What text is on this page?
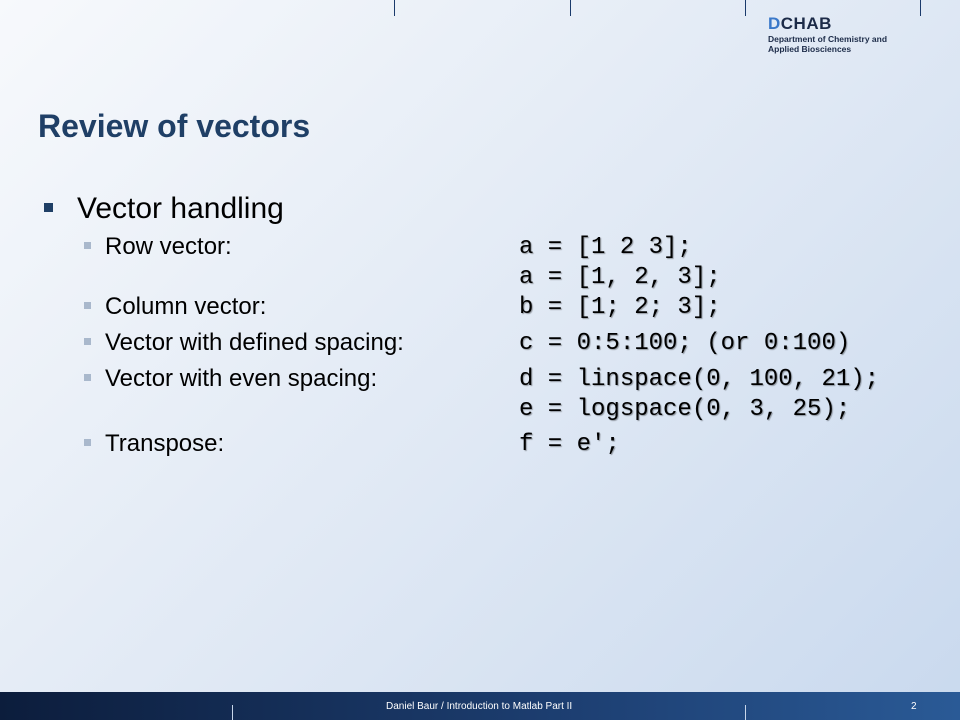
DCHAB
Department of Chemistry and
Applied Biosciences
Review of vectors
Vector handling
Row vector:
Column vector:
Vector with defined spacing:
Vector with even spacing:
Transpose:
a = [1 2 3];
a = [1, 2, 3];
b = [1; 2; 3];
c = 0:5:100; (or 0:100)
d = linspace(0, 100, 21);
e = logspace(0, 3, 25);
f = e';
Daniel Baur / Introduction to Matlab Part II	2
